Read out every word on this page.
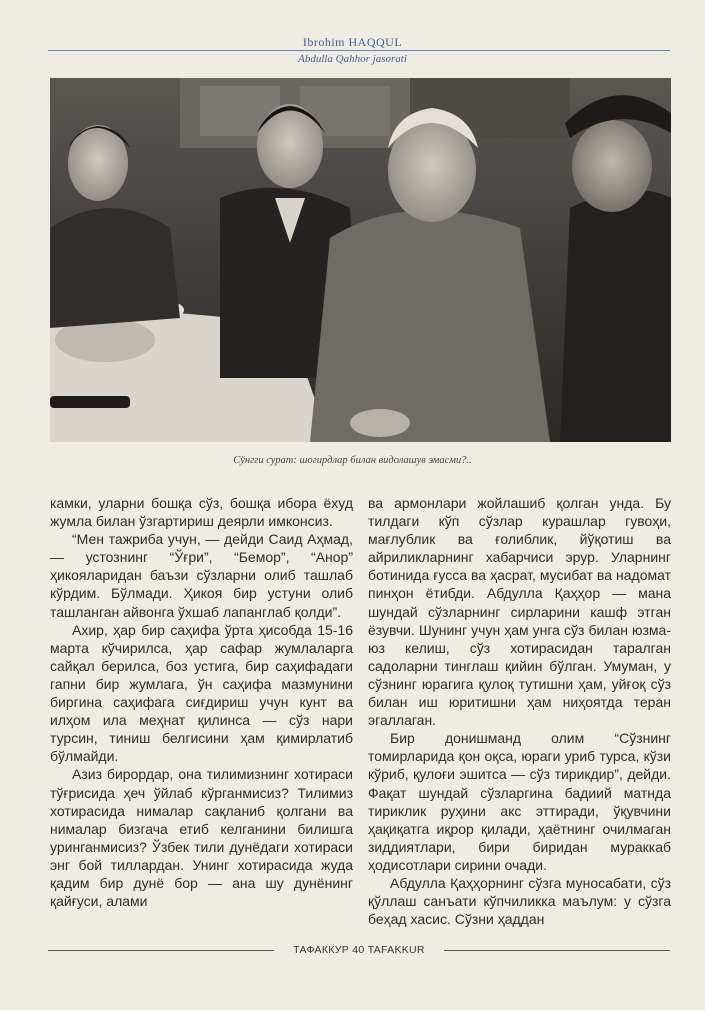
Ibrohim HAQQUL
Abdulla Qahhor jasorati
Сўнгги сурат: шогирдлар билан видолашув эмасми?..

камки, уларни бошқа сўз, бошқа ибора ёхуд жумла билан ўзгартириш деярли имконсиз.

“Мен тажриба учун, — дейди Саид Аҳмад, — устознинг “Ўғри”, “Бемор”, “Анор” ҳикояларидан баъзи сўзларни олиб ташлаб кўрдим. Бўлмади. Ҳикоя бир устуни олиб ташланган айвонга ўхшаб лапанглаб қолди”.

Ахир, ҳар бир саҳифа ўрта ҳисобда 15-16 марта кўчирилса, ҳар сафар жумлаларга сайқал берилса, боз устига, бир саҳифадаги гапни бир жумлага, ўн саҳифа мазмунини биргина саҳифага сиғдириш учун кунт ва илҳом ила меҳнат қилинса — сўз нари турсин, тиниш белгисини ҳам қимирлатиб бўлмайди.

Азиз бирордар, она тилимизнинг хотираси тўғрисида ҳеч ўйлаб кўрганмисиз? Тилимиз хотирасида нималар сақланиб қолгани ва нималар бизгача етиб келганини билишга уринганмисиз? Ўзбек тили дунёдаги хотираси энг бой тиллардан. Унинг хотирасида жуда қадим бир дунё бор — ана шу дунёнинг қайғуси, алами

ва армонлари жойлашиб қолган унда. Бу тилдаги кўп сўзлар курашлар гувоҳи, мағлублик ва ғолиблик, йўқотиш ва айриликларнинг хабарчиси эрур. Уларнинг ботинида ғусса ва ҳасрат, мусибат ва надомат пинҳон ётибди. Абдулла Қаҳҳор — мана шундай сўзларнинг сирларини кашф этган ёзувчи. Шунинг учун ҳам унга сўз билан юзма-юз келиш, сўз хотирасидан таралган садоларни тинглаш қийин бўлган. Умуман, у сўзнинг юрагига қулоқ тутишни ҳам, уйғоқ сўз билан иш юритишни ҳам ниҳоятда теран эгаллаган.

Бир донишманд олим “Сўзнинг томирларида қон оқса, юраги уриб турса, кўзи кўриб, қулоғи эшитса — сўз тирикдир”, дейди. Фақат шундай сўзларгина бадиий матнда тириклик руҳини акс эттиради, ўқувчини ҳақиқатга иқрор қилади, ҳаётнинг очилмаган зиддиятлари, бири биридан мураккаб ҳодисотлари сирини очади.

Абдулла Қаҳҳорнинг сўзга муносабати, сўз қўллаш санъати кўпчиликка маълум: у сўзга беҳад хасис. Сўзни ҳаддан

ТАФАККУР 40 TAFAKKUR
